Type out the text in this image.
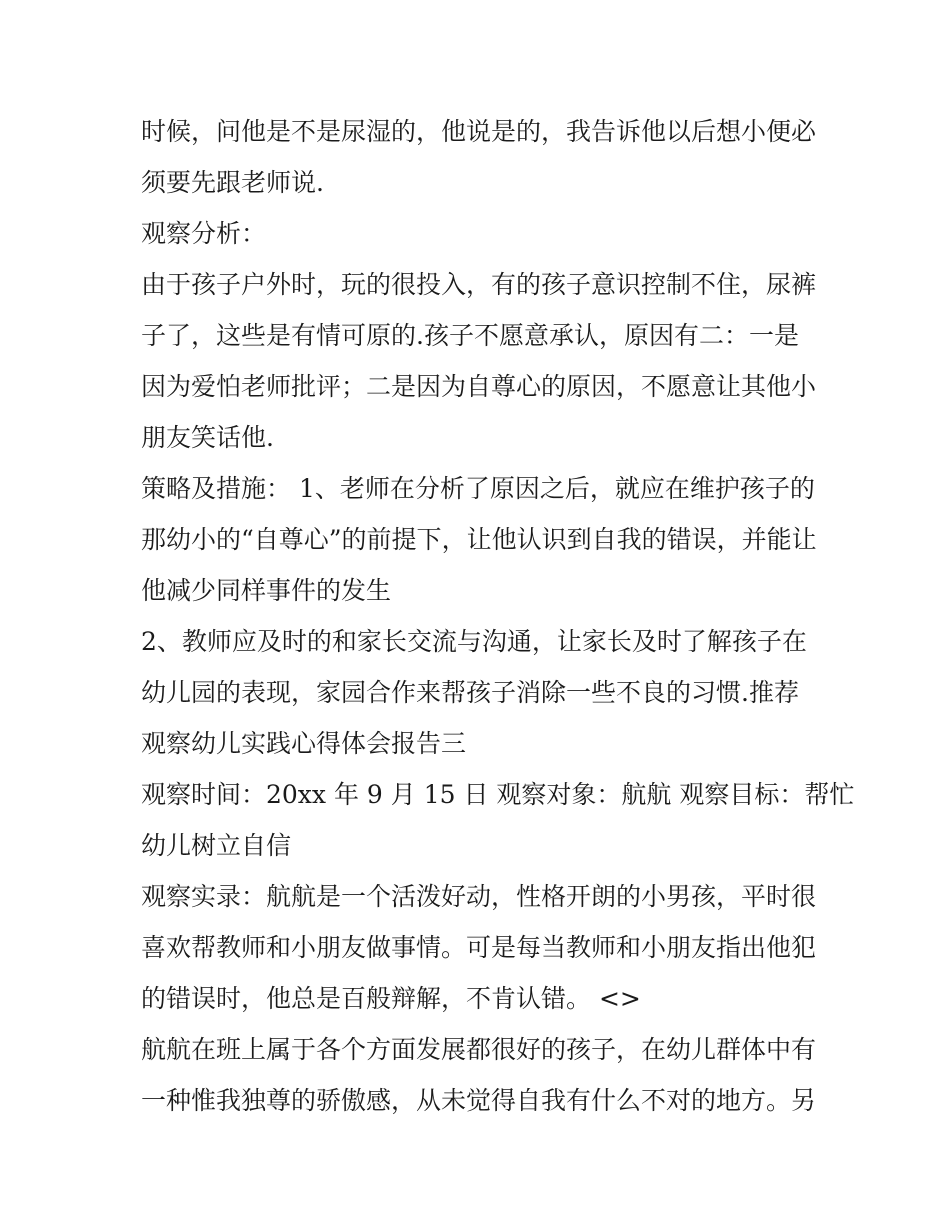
时候，问他是不是尿湿的，他说是的，我告诉他以后想小便必
须要先跟老师说.
观察分析：
由于孩子户外时，玩的很投入，有的孩子意识控制不住，尿裤
子了，这些是有情可原的.孩子不愿意承认，原因有二：一是
因为爱怕老师批评；二是因为自尊心的原因，不愿意让其他小
朋友笑话他.
策略及措施： 1、老师在分析了原因之后，就应在维护孩子的
那幼小的“自尊心”的前提下，让他认识到自我的错误，并能让
他减少同样事件的发生
2、教师应及时的和家长交流与沟通，让家长及时了解孩子在
幼儿园的表现，家园合作来帮孩子消除一些不良的习惯.推荐
观察幼儿实践心得体会报告三
观察时间：20xx 年 9 月 15 日 观察对象：航航 观察目标：帮忙
幼儿树立自信
观察实录：航航是一个活泼好动，性格开朗的小男孩，平时很
喜欢帮教师和小朋友做事情。可是每当教师和小朋友指出他犯
的错误时，他总是百般辩解，不肯认错。 <>
航航在班上属于各个方面发展都很好的孩子，在幼儿群体中有
一种惟我独尊的骄傲感，从未觉得自我有什么不对的地方。另
